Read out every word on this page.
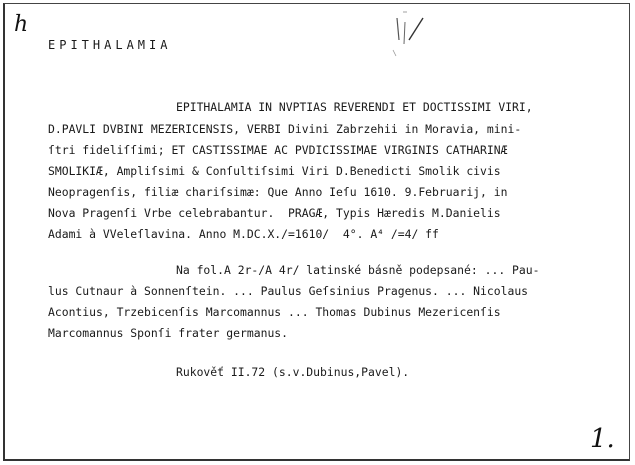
h
EPITHALAMIA
EPITHALAMIA IN NVPTIAS REVERENDI ET DOCTISSIMI VIRI,
D.PAVLI DVBINI MEZERICENSIS, VERBI Divini Zabrzehii in Moravia, mini-
ſtri fideliſſimi; ET CASTISSIMAE AC PVDICISSIMAE VIRGINIS CATHARINÆ
SMOLIKIÆ, Ampliſsimi & Conſultiſsimi Viri D.Benedicti Smolik civis
Neopragenſis, filiæ chariſsimæ: Que Anno Ieſu 1610. 9.Februarij, in
Nova Pragenſi Vrbe celebrabantur.  PRAGÆ, Typis Hæredis M.Danielis
Adami à VVeleſlavina. Anno M.DC.X./=1610/  4°. A⁴ /=4/ ff
Na fol.A 2r-/A 4r/ latinské básně podepsané: ... Pau-
lus Cutnaur à Sonnenſtein. ... Paulus Geſsinius Pragenus. ... Nicolaus
Acontius, Trzebicenſis Marcomannus ... Thomas Dubinus Mezericenſis
Marcomannus Sponſi frater germanus.
Rukověť II.72 (s.v.Dubinus,Pavel).
1.
